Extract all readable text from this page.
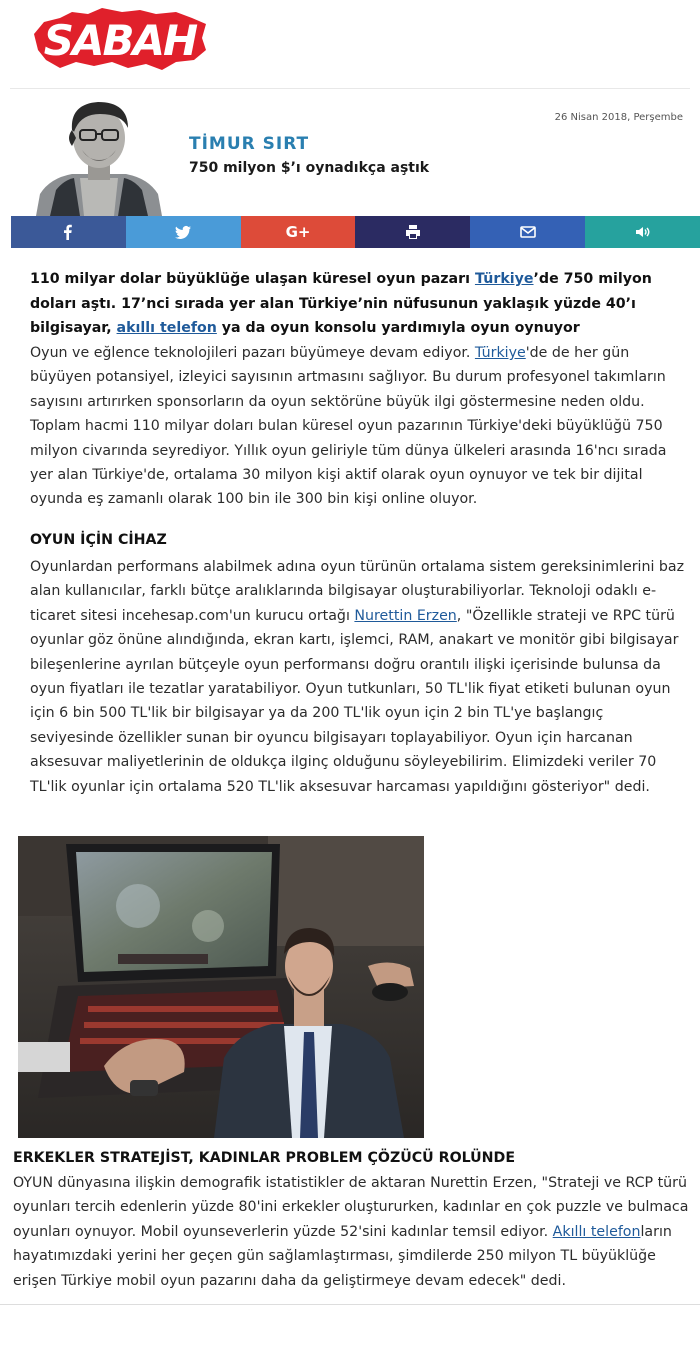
SABAH
TİMUR SIRT
750 milyon $’ı oynadıkça aştık
26 Nisan 2018, Perşembe
G+
110 milyar dolar büyüklüğe ulaşan küresel oyun pazarı Türkiye’de 750 milyon doları aştı. 17’nci sırada yer alan Türkiye’nin nüfusunun yaklaşık yüzde 40’ı bilgisayar, akıllı telefon ya da oyun konsolu yardımıyla oyun oynuyor
Oyun ve eğlence teknolojileri pazarı büyümeye devam ediyor. Türkiye'de de her gün büyüyen potansiyel, izleyici sayısının artmasını sağlıyor. Bu durum profesyonel takımların sayısını artırırken sponsorların da oyun sektörüne büyük ilgi göstermesine neden oldu. Toplam hacmi 110 milyar doları bulan küresel oyun pazarının Türkiye'deki büyüklüğü 750 milyon civarında seyrediyor. Yıllık oyun geliriyle tüm dünya ülkeleri arasında 16'ncı sırada yer alan Türkiye'de, ortalama 30 milyon kişi aktif olarak oyun oynuyor ve tek bir dijital oyunda eş zamanlı olarak 100 bin ile 300 bin kişi online oluyor.
OYUN İÇİN CİHAZ
Oyunlardan performans alabilmek adına oyun türünün ortalama sistem gereksinimlerini baz alan kullanıcılar, farklı bütçe aralıklarında bilgisayar oluşturabiliyorlar. Teknoloji odaklı e-ticaret sitesi incehesap.com'un kurucu ortağı Nurettin Erzen, "Özellikle strateji ve RPC türü oyunlar göz önüne alındığında, ekran kartı, işlemci, RAM, anakart ve monitör gibi bilgisayar bileşenlerine ayrılan bütçeyle oyun performansı doğru orantılı ilişki içerisinde bulunsa da oyun fiyatları ile tezatlar yaratabiliyor. Oyun tutkunları, 50 TL'lik fiyat etiketi bulunan oyun için 6 bin 500 TL'lik bir bilgisayar ya da 200 TL'lik oyun için 2 bin TL'ye başlangıç seviyesinde özellikler sunan bir oyuncu bilgisayarı toplayabiliyor. Oyun için harcanan aksesuvar maliyetlerinin de oldukça ilginç olduğunu söyleyebilirim. Elimizdeki veriler 70 TL'lik oyunlar için ortalama 520 TL'lik aksesuvar harcaması yapıldığını gösteriyor" dedi.
ERKEKLER STRATEJİST, KADINLAR PROBLEM ÇÖZÜCÜ ROLÜNDE
OYUN dünyasına ilişkin demografik istatistikler de aktaran Nurettin Erzen, "Strateji ve RCP türü oyunları tercih edenlerin yüzde 80'ini erkekler oluştururken, kadınlar en çok puzzle ve bulmaca oyunları oynuyor. Mobil oyunseverlerin yüzde 52'sini kadınlar temsil ediyor. Akıllı telefonların hayatımızdaki yerini her geçen gün sağlamlaştırması, şimdilerde 250 milyon TL büyüklüğe erişen Türkiye mobil oyun pazarını daha da geliştirmeye devam edecek" dedi.
